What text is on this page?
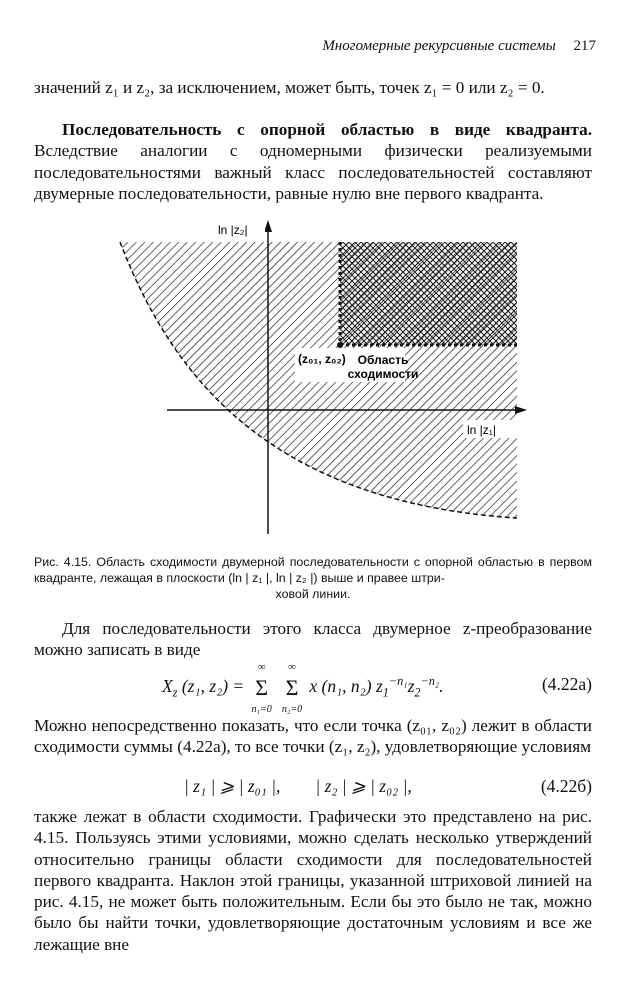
Многомерные рекурсивные системы 217
значений z₁ и z₂, за исключением, может быть, точек z₁ = 0 или z₂ = 0.
Последовательность с опорной областью в виде квадранта. Вследствие аналогии с одномерными физически реализуемыми последовательностями важный класс последовательностей составляют двумерные последовательности, равные нулю вне первого квадранта.
ln |z₂|
ln |z₁|
(z₀₁, z₀₂) Область
сходимости
Рис. 4.15. Область сходимости двумерной последовательности с опорной областью в первом квадранте, лежащая в плоскости (ln | z₁ |, ln | z₂ |) выше и правее штри-
ховой линии.
Для последовательности этого класса двумерное z-преобразование можно записать в виде
$X_z$ (z₁, z₂) =
∞
Σ
n₁=0

∞
Σ
n₂=0
x (n₁, n₂) $z_1^{-n_1}z_2^{-n_2}$.	(4.22a)
Можно непосредственно показать, что если точка (z₀₁, z₀₂) лежит в области сходимости суммы (4.22a), то все точки (z₁, z₂), удовлетворяющие условиям
| z₁ | ⩾ | z₀₁ |,        | z₂ | ⩾ | z₀₂ |,	(4.22б)
также лежат в области сходимости. Графически это представлено на рис. 4.15. Пользуясь этими условиями, можно сделать несколько утверждений относительно границы области сходимости для последовательностей первого квадранта. Наклон этой границы, указанной штриховой линией на рис. 4.15, не может быть положительным. Если бы это было не так, можно было бы найти точки, удовлетворяющие достаточным условиям и все же лежащие вне
